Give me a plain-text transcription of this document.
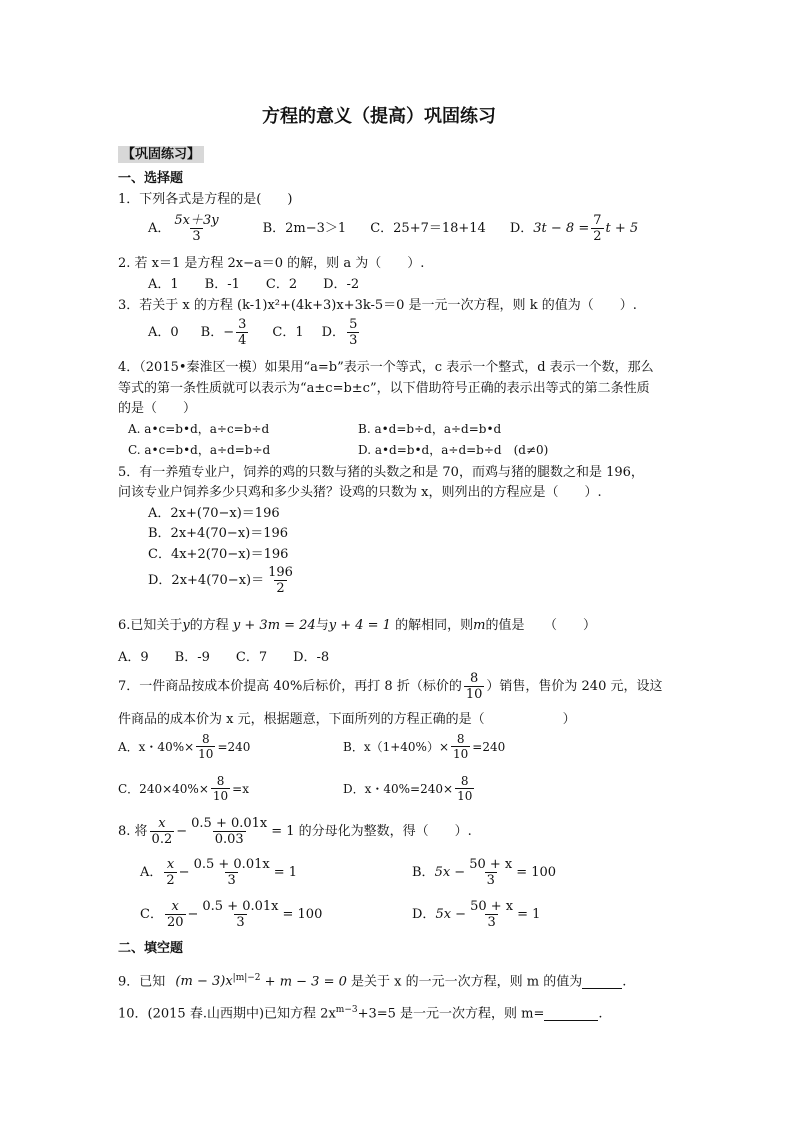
方程的意义（提高）巩固练习
【巩固练习】
一、选择题
1．下列各式是方程的是(　　)
A． $\frac{5x+3y}{3}$	B．2m−3＞1 C．25+7＝18+14 D． $3t - 8 = \frac{7}{2}$ t + 5
2. 若 x＝1 是方程 2x−a＝0 的解，则 a 为（　　）.
A．1　　B．-1　　C．2　　D．-2
3．若关于 x 的方程 (k-1)x²+(4k+3)x+3k-5＝0 是一元一次方程，则 k 的值为（　　）.
A．0 B．− $\frac{3}{4}$ C．1 D． $\frac{5}{3}$
4．（2015•秦淮区一模）如果用“a=b”表示一个等式，c 表示一个整式，d 表示一个数，那么
等式的第一条性质就可以表示为“a±c=b±c”，以下借助符号正确的表示出等式的第二条性质
的是（　　）
A. a•c=b•d，a÷c=b÷d	B. a•d=b÷d，a÷d=b•d
C. a•c=b•d，a÷d=b÷d	D. a•d=b•d，a÷d=b÷d　(d≠0)
5．有一养殖专业户，饲养的鸡的只数与猪的头数之和是 70，而鸡与猪的腿数之和是 196，
问该专业户饲养多少只鸡和多少头猪？设鸡的只数为 x，则列出的方程应是（　　）.
A．2x+(70−x)＝196
B．2x+4(70−x)＝196
C．4x+2(70−x)＝196
D．$2x+4(70-x)= \frac{196}{2}$
6.已知关于y的方程 y + 3m = 24与y + 4 = 1 的解相同，则m的值是　　（　　）
A．9　　B．-9　　C．7　　D．-8
7．一件商品按成本价提高 40%后标价，再打 8 折（标价的 $\frac{8}{10}$ ）销售，售价为 240 元，设这
件商品的成本价为 x 元，根据题意，下面所列的方程正确的是（　　　　　　）
A．x・$40\%\times \frac{8}{10} =240$	B．$x(1+40\%)\times \frac{8}{10} =240$
C．$240\times 40\%\times \frac{8}{10} =x$	D．x・$40\%=240\times \frac{8}{10}$
8. 将 $\frac{x}{0.2} - \frac{0.5 + 0.01x}{0.03} = 1$ 的分母化为整数，得（　　）.
A． $\frac{x}{2} - \frac{0.5 + 0.01x}{3} = 1$	B． $5x - \frac{50 + x}{3} = 100$
C． $\frac{x}{20} - \frac{0.5 + 0.01x}{3} = 100$	D． $5x - \frac{50 + x}{3} = 1$
二、填空题
9．已知 $(m - 3)x^{|m|-2} + m - 3 = 0$ 是关于 x 的一元一次方程，则 m 的值为	.
10．(2015 春.山西期中)已知方程 $2x^{m-3}+3=5$ 是一元一次方程，则 m=	.
